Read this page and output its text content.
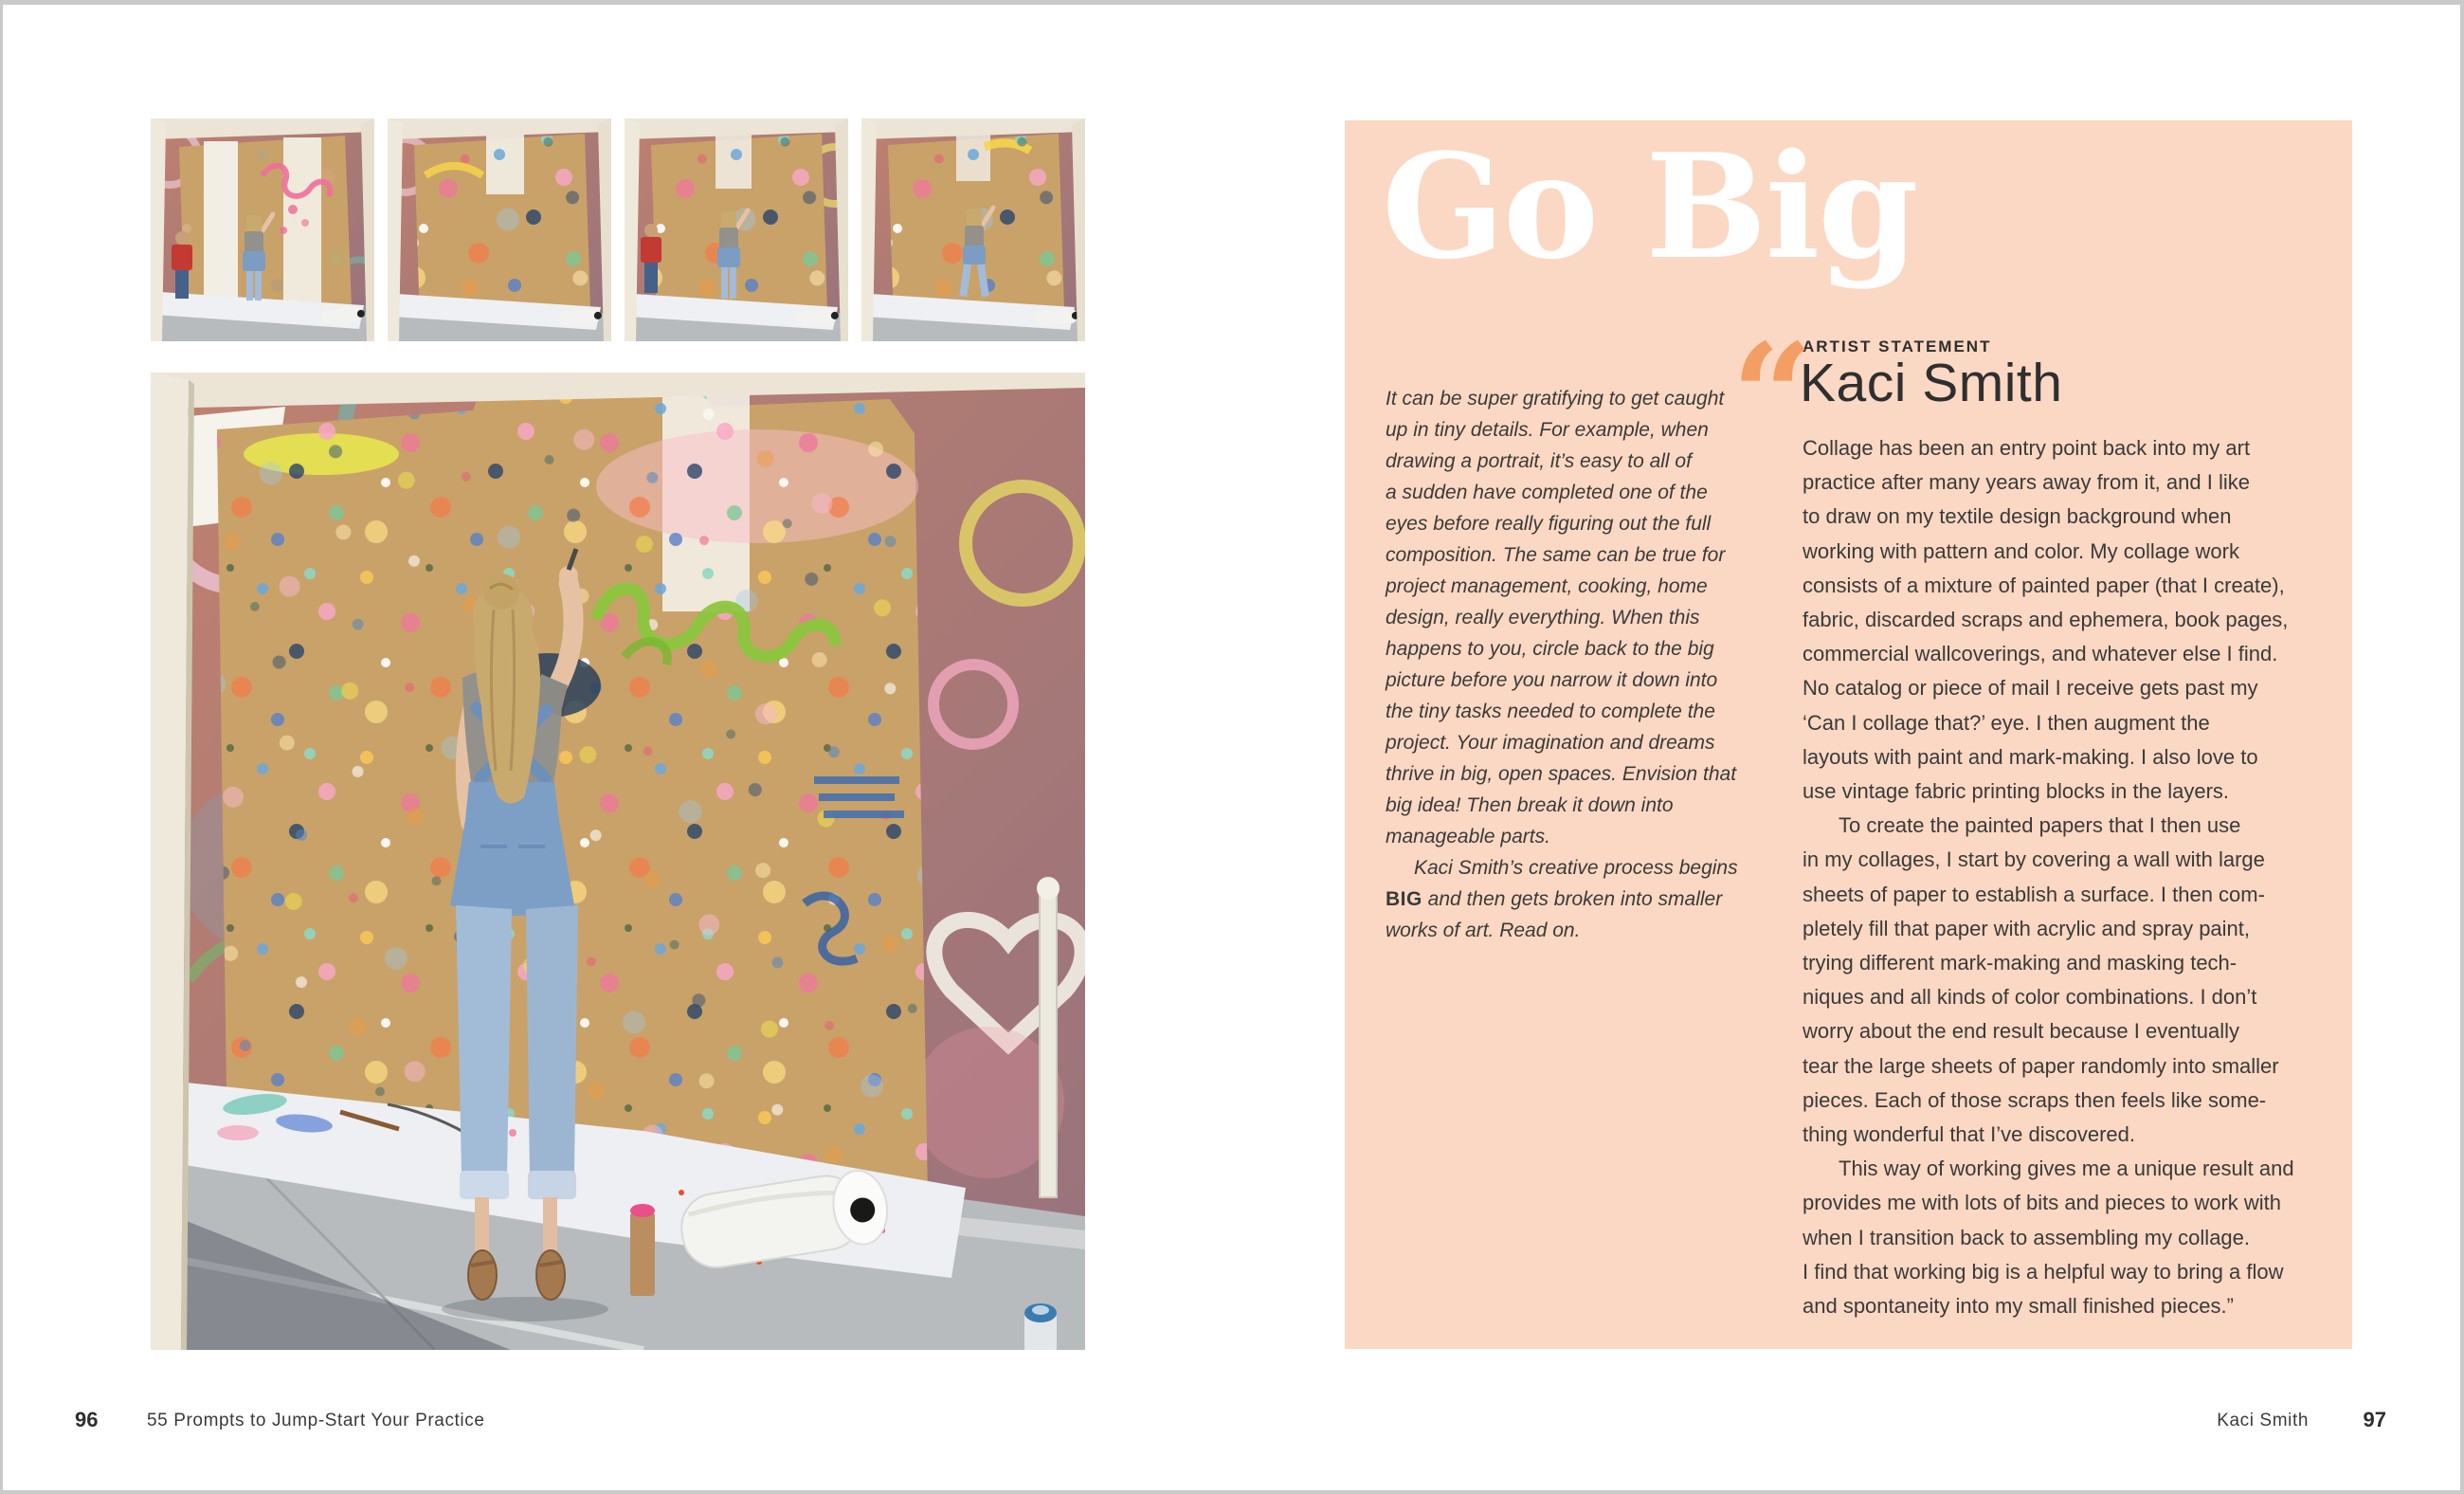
96	55 Prompts to Jump-Start Your Practice
Go Big
It can be super gratifying to get caught
up in tiny details. For example, when
drawing a portrait, it’s easy to all of
a sudden have completed one of the
eyes before really figuring out the full
composition. The same can be true for
project management, cooking, home
design, really everything. When this
happens to you, circle back to the big
picture before you narrow it down into
the tiny tasks needed to complete the
project. Your imagination and dreams
thrive in big, open spaces. Envision that
big idea! Then break it down into
manageable parts.
Kaci Smith’s creative process begins
BIG and then gets broken into smaller
works of art. Read on.
ARTIST STATEMENT
Kaci Smith
“
Collage has been an entry point back into my art
practice after many years away from it, and I like
to draw on my textile design background when
working with pattern and color. My collage work
consists of a mixture of painted paper (that I create),
fabric, discarded scraps and ephemera, book pages,
commercial wallcoverings, and whatever else I find.
No catalog or piece of mail I receive gets past my
‘Can I collage that?’ eye. I then augment the
layouts with paint and mark-making. I also love to
use vintage fabric printing blocks in the layers.
To create the painted papers that I then use
in my collages, I start by covering a wall with large
sheets of paper to establish a surface. I then com-
pletely fill that paper with acrylic and spray paint,
trying different mark-making and masking tech-
niques and all kinds of color combinations. I don’t
worry about the end result because I eventually
tear the large sheets of paper randomly into smaller
pieces. Each of those scraps then feels like some-
thing wonderful that I’ve discovered.
This way of working gives me a unique result and
provides me with lots of bits and pieces to work with
when I transition back to assembling my collage.
I find that working big is a helpful way to bring a flow
and spontaneity into my small finished pieces.”
Kaci Smith	97
